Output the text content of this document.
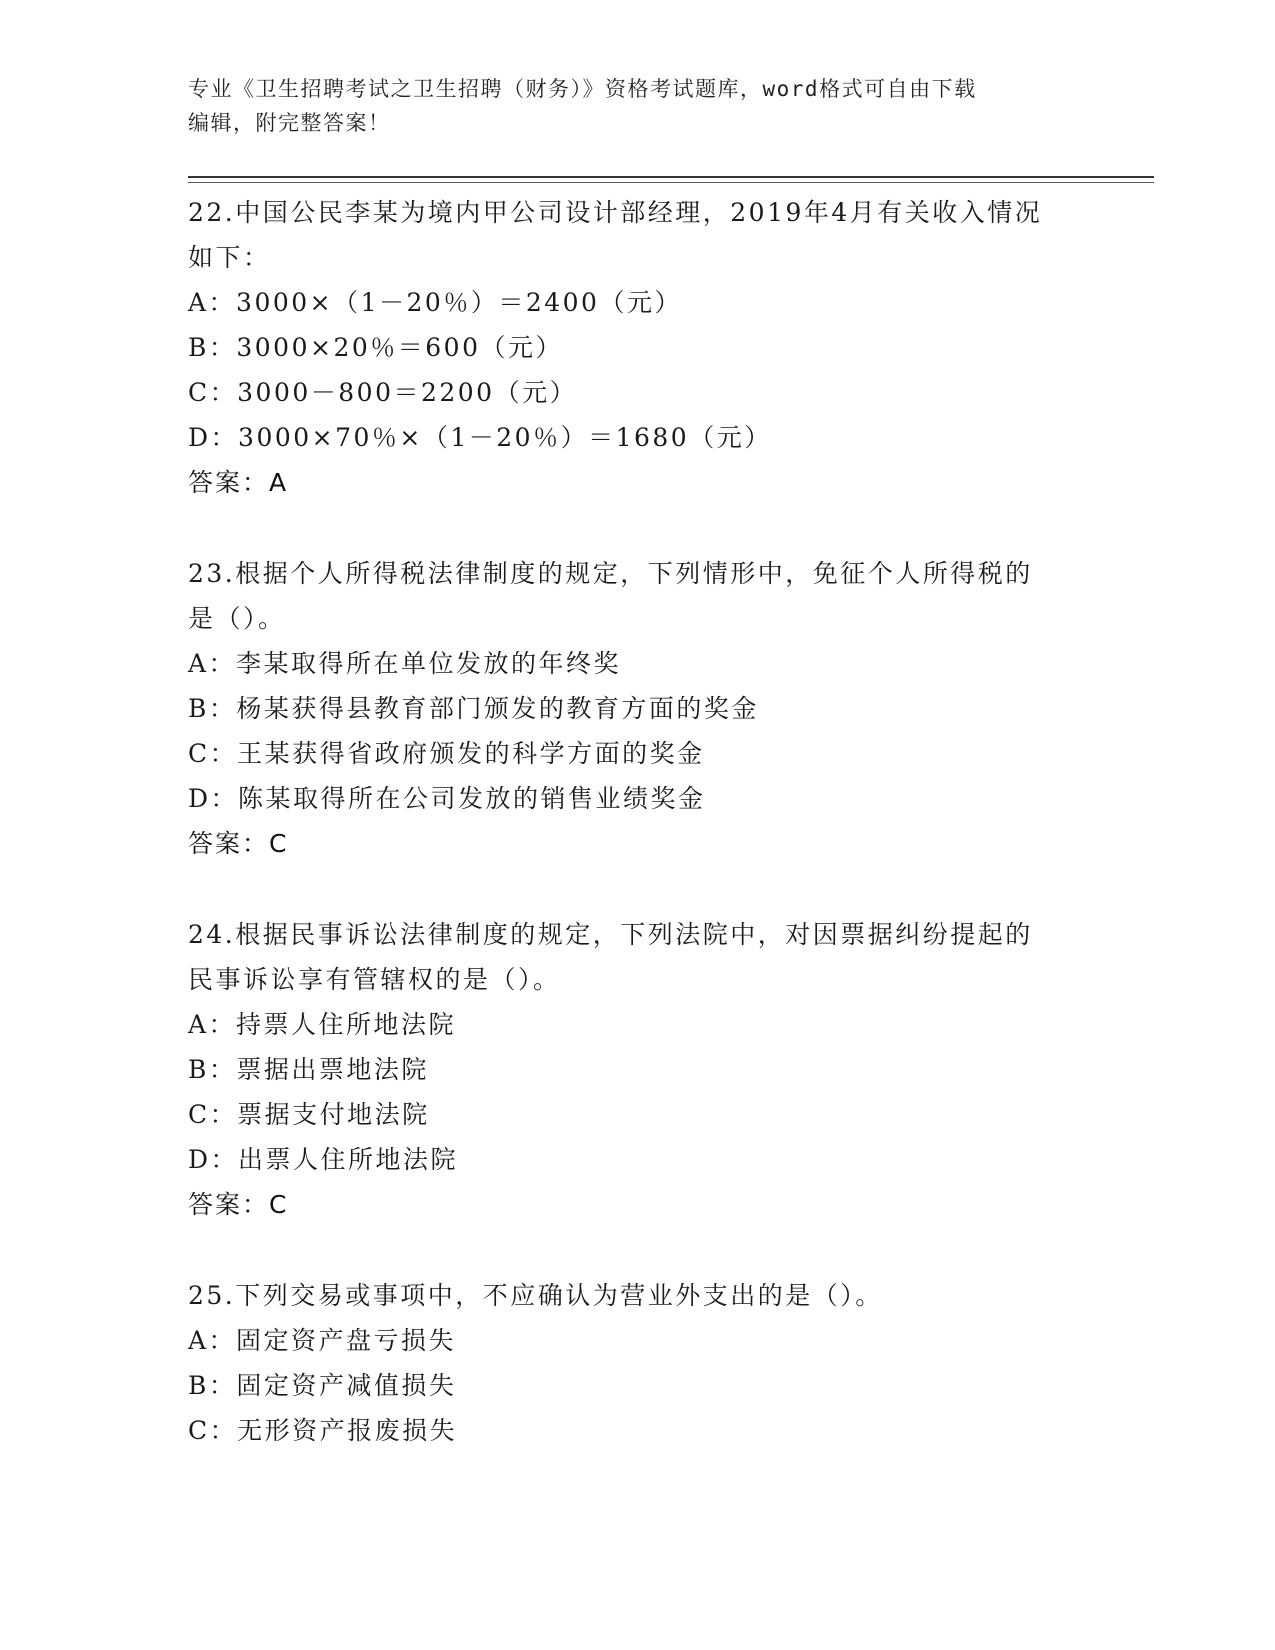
专业《卫生招聘考试之卫生招聘（财务）》资格考试题库，word格式可自由下载
编辑，附完整答案！
22.中国公民李某为境内甲公司设计部经理，2019年4月有关收入情况
如下：
A：3000×（1－20％）＝2400（元）
B：3000×20％＝600（元）
C：3000－800＝2200（元）
D：3000×70％×（1－20％）＝1680（元）
答案：A
23.根据个人所得税法律制度的规定，下列情形中，免征个人所得税的
是（）。
A：李某取得所在单位发放的年终奖
B：杨某获得县教育部门颁发的教育方面的奖金
C：王某获得省政府颁发的科学方面的奖金
D：陈某取得所在公司发放的销售业绩奖金
答案：C
24.根据民事诉讼法律制度的规定，下列法院中，对因票据纠纷提起的
民事诉讼享有管辖权的是（）。
A：持票人住所地法院
B：票据出票地法院
C：票据支付地法院
D：出票人住所地法院
答案：C
25.下列交易或事项中，不应确认为营业外支出的是（）。
A：固定资产盘亏损失
B：固定资产减值损失
C：无形资产报废损失
